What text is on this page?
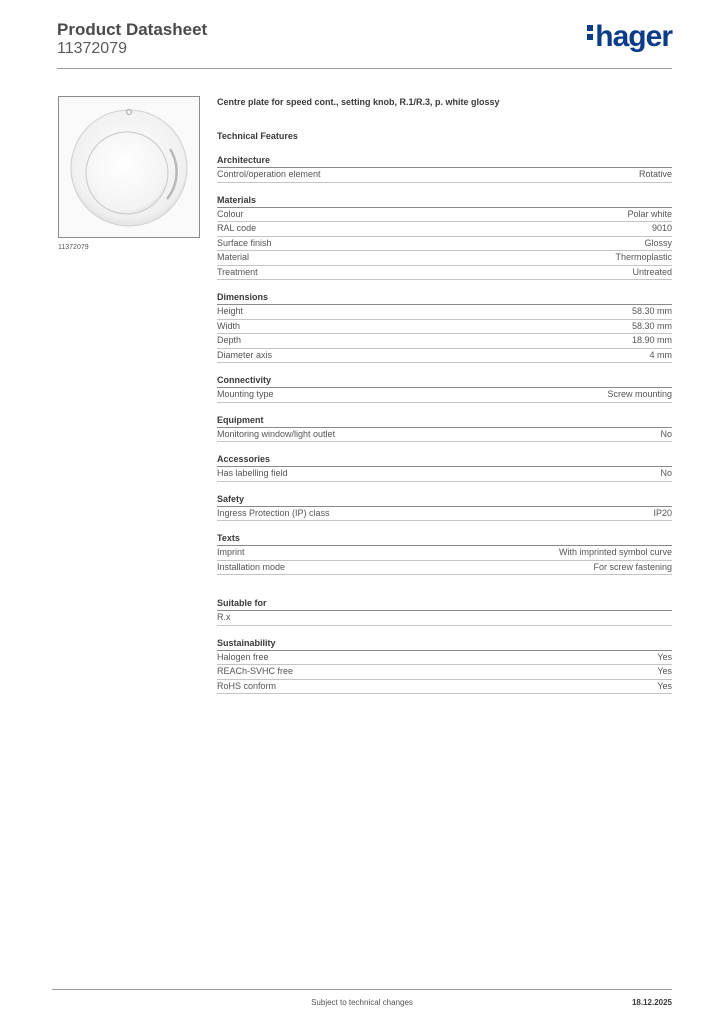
Product Datasheet
11372079	hager
11372079
Centre plate for speed cont., setting knob, R.1/R.3, p. white glossy
Technical Features
Architecture
Control/operation element	Rotative
Materials
Colour	Polar white
RAL code	9010
Surface finish	Glossy
Material	Thermoplastic
Treatment	Untreated
Dimensions
Height	58.30 mm
Width	58.30 mm
Depth	18.90 mm
Diameter axis	4 mm
Connectivity
Mounting type	Screw mounting
Equipment
Monitoring window/light outlet	No
Accessories
Has labelling field	No
Safety
Ingress Protection (IP) class	IP20
Texts
Imprint	With imprinted symbol curve
Installation mode	For screw fastening
Suitable for
R.x
Sustainability
Halogen free	Yes
REACh-SVHC free	Yes
RoHS conform	Yes
Subject to technical changes	18.12.2025
